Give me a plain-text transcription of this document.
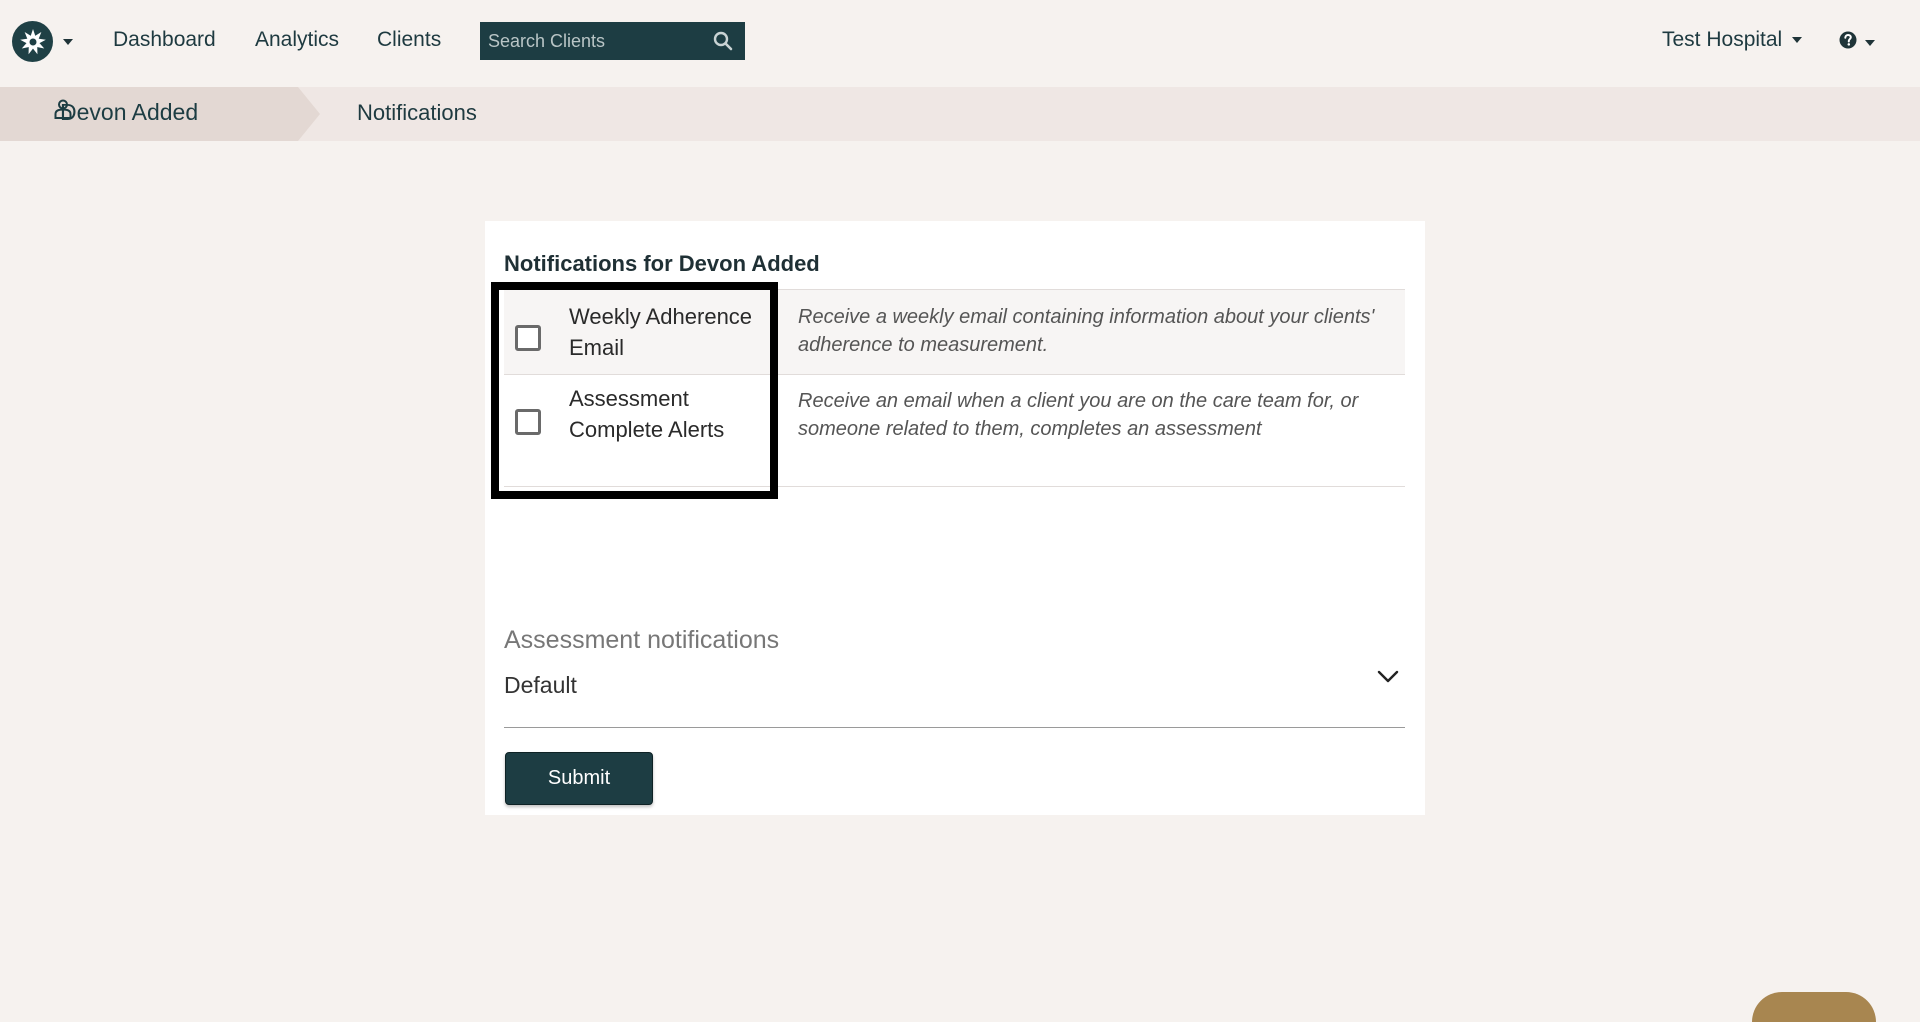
Dashboard Analytics Clients
Search Clients	Test Hospital
Devon Added	Notifications
Notifications for Devon Added
Weekly Adherence Email
Receive a weekly email containing information about your clients' adherence to measurement.
Assessment Complete Alerts
Receive an email when a client you are on the care team for, or someone related to them, completes an assessment
Assessment notifications
Default
Submit
